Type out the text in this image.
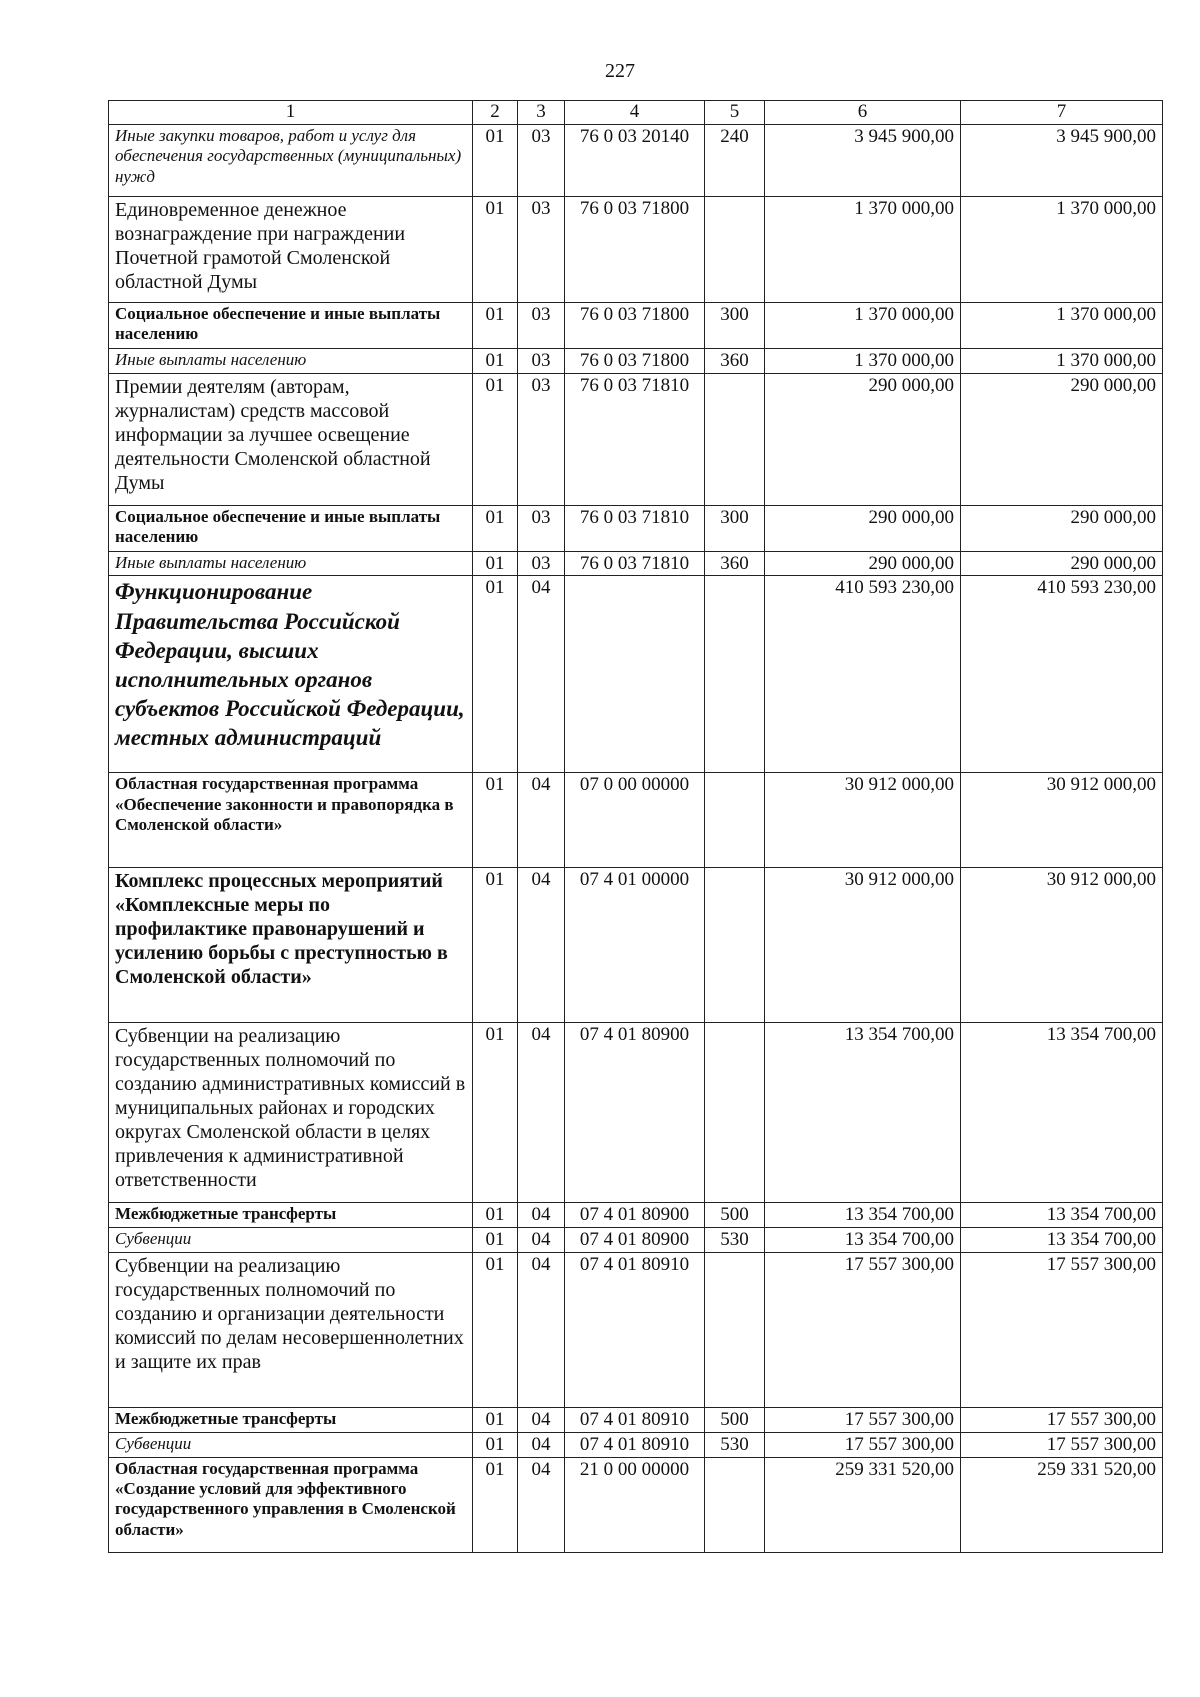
227
1	2	3	4	5	6	7
Иные закупки товаров, работ и услуг для обеспечения государственных (муниципальных) нужд	01	03	76 0 03 20140	240	3 945 900,00	3 945 900,00
Единовременное денежное вознаграждение при награждении Почетной грамотой Смоленской областной Думы	01	03	76 0 03 71800		1 370 000,00	1 370 000,00
Социальное обеспечение и иные выплаты населению	01	03	76 0 03 71800	300	1 370 000,00	1 370 000,00
Иные выплаты населению	01	03	76 0 03 71800	360	1 370 000,00	1 370 000,00
Премии деятелям (авторам, журналистам) средств массовой информации за лучшее освещение деятельности Смоленской областной Думы	01	03	76 0 03 71810		290 000,00	290 000,00
Социальное обеспечение и иные выплаты населению	01	03	76 0 03 71810	300	290 000,00	290 000,00
Иные выплаты населению	01	03	76 0 03 71810	360	290 000,00	290 000,00
Функционирование Правительства Российской Федерации, высших исполнительных органов субъектов Российской Федерации, местных администраций	01	04			410 593 230,00	410 593 230,00
Областная государственная программа «Обеспечение законности и правопорядка в Смоленской области»	01	04	07 0 00 00000		30 912 000,00	30 912 000,00
Комплекс процессных мероприятий «Комплексные меры по профилактике правонарушений и усилению борьбы с преступностью в Смоленской области»	01	04	07 4 01 00000		30 912 000,00	30 912 000,00
Субвенции на реализацию государственных полномочий по созданию административных комиссий в муниципальных районах и городских округах Смоленской области в целях привлечения к административной ответственности	01	04	07 4 01 80900		13 354 700,00	13 354 700,00
Межбюджетные трансферты	01	04	07 4 01 80900	500	13 354 700,00	13 354 700,00
Субвенции	01	04	07 4 01 80900	530	13 354 700,00	13 354 700,00
Субвенции на реализацию государственных полномочий по созданию и организации деятельности комиссий по делам несовершеннолетних и защите их прав	01	04	07 4 01 80910		17 557 300,00	17 557 300,00
Межбюджетные трансферты	01	04	07 4 01 80910	500	17 557 300,00	17 557 300,00
Субвенции	01	04	07 4 01 80910	530	17 557 300,00	17 557 300,00
Областная государственная программа «Создание условий для эффективного государственного управления в Смоленской области»	01	04	21 0 00 00000		259 331 520,00	259 331 520,00
